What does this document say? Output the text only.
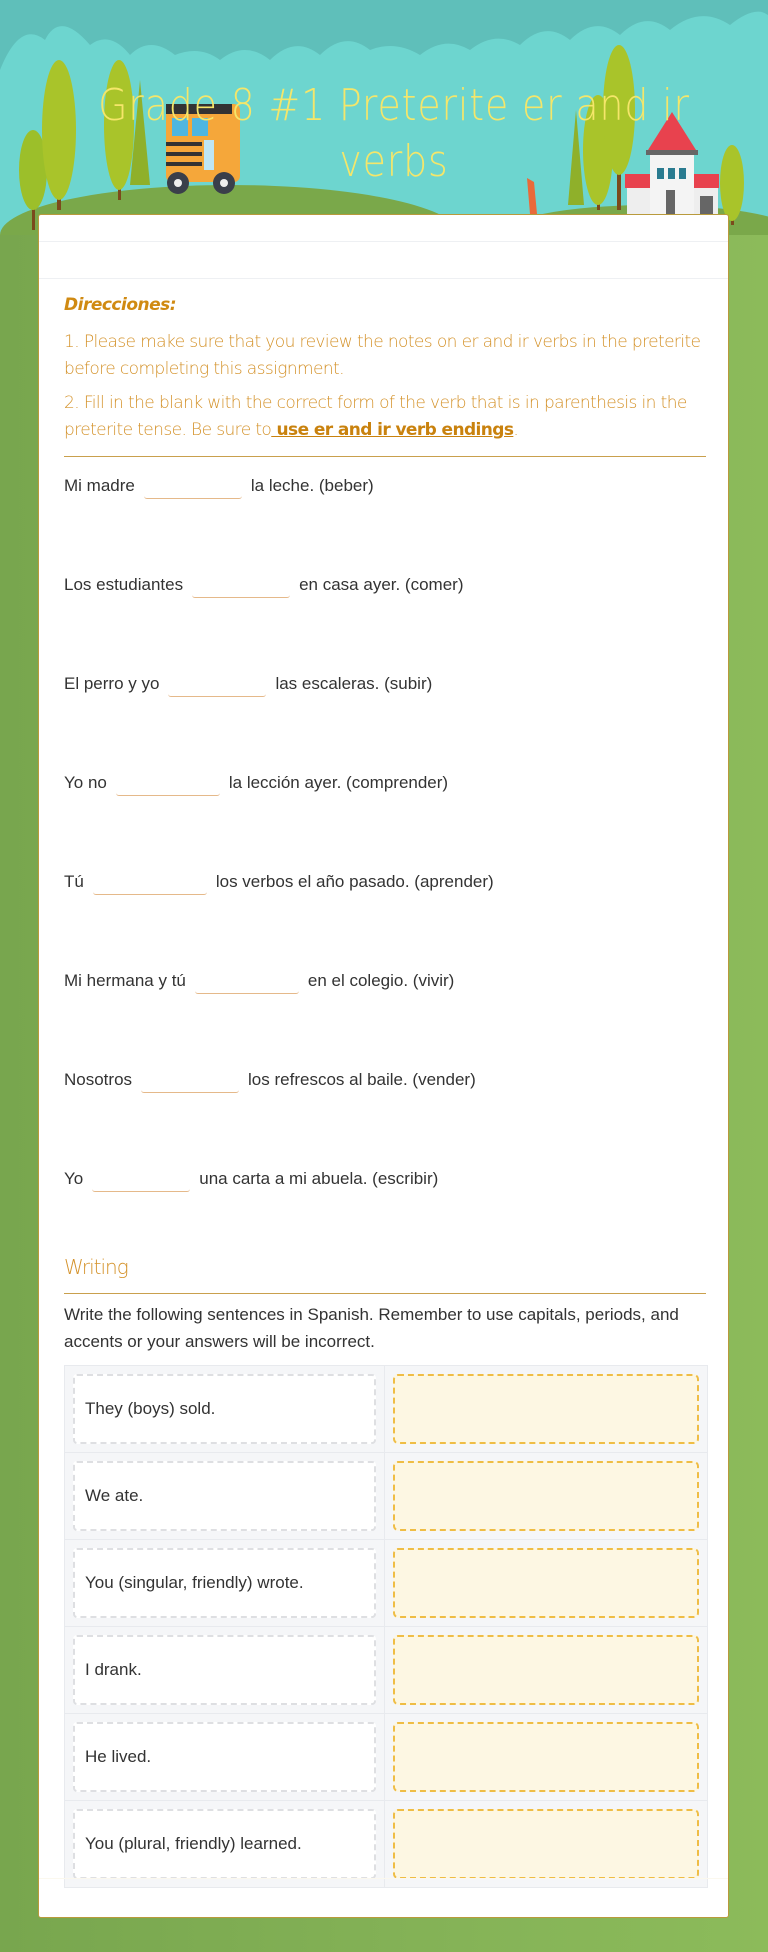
Grade 8 #1 Preterite er and ir verbs
Direcciones:
1. Please make sure that you review the notes on er and ir verbs in the preterite before completing this assignment.
2. Fill in the blank with the correct form of the verb that is in parenthesis in the preterite tense. Be sure to use er and ir verb endings.
Mi madre	la leche. (beber)
Los estudiantes	en casa ayer. (comer)
El perro y yo	las escaleras. (subir)
Yo no	la lección ayer. (comprender)
Tú	los verbos el año pasado. (aprender)
Mi hermana y tú	en el colegio. (vivir)
Nosotros	los refrescos al baile. (vender)
Yo	una carta a mi abuela. (escribir)
Writing
Write the following sentences in Spanish. Remember to use capitals, periods, and accents or your answers will be incorrect.
They (boys) sold.
We ate.
You (singular, friendly) wrote.
I drank.
He lived.
You (plural, friendly) learned.
